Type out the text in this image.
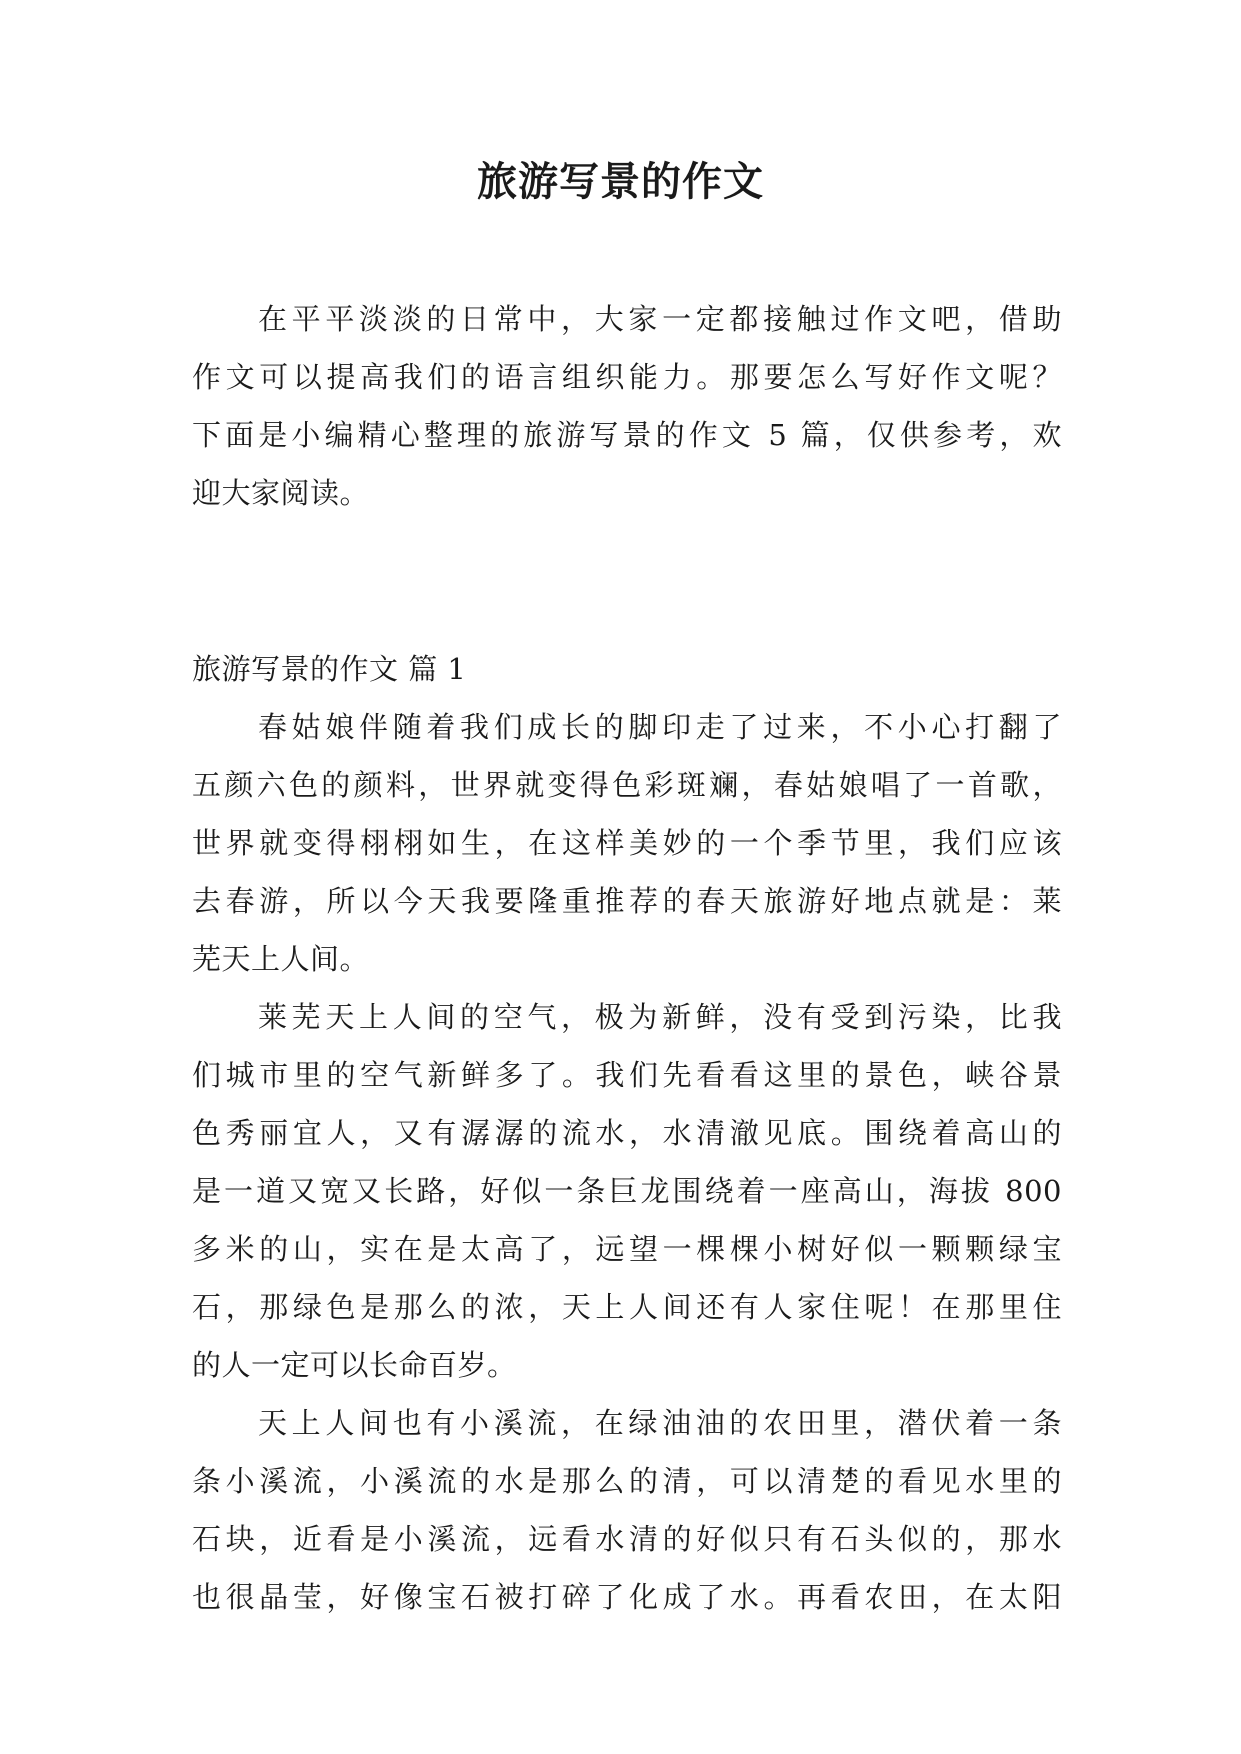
旅游写景的作文
在平平淡淡的日常中，大家一定都接触过作文吧，借助
作文可以提高我们的语言组织能力。那要怎么写好作文呢？
下面是小编精心整理的旅游写景的作文 5 篇，仅供参考，欢
迎大家阅读。
旅游写景的作文 篇 1
春姑娘伴随着我们成长的脚印走了过来，不小心打翻了
五颜六色的颜料，世界就变得色彩斑斓，春姑娘唱了一首歌，
世界就变得栩栩如生，在这样美妙的一个季节里，我们应该
去春游，所以今天我要隆重推荐的春天旅游好地点就是：莱
芜天上人间。
莱芜天上人间的空气，极为新鲜，没有受到污染，比我
们城市里的空气新鲜多了。我们先看看这里的景色，峡谷景
色秀丽宜人，又有潺潺的流水，水清澈见底。围绕着高山的
是一道又宽又长路，好似一条巨龙围绕着一座高山，海拔 800
多米的山，实在是太高了，远望一棵棵小树好似一颗颗绿宝
石，那绿色是那么的浓，天上人间还有人家住呢！在那里住
的人一定可以长命百岁。
天上人间也有小溪流，在绿油油的农田里，潜伏着一条
条小溪流，小溪流的水是那么的清，可以清楚的看见水里的
石块，近看是小溪流，远看水清的好似只有石头似的，那水
也很晶莹，好像宝石被打碎了化成了水。再看农田，在太阳
